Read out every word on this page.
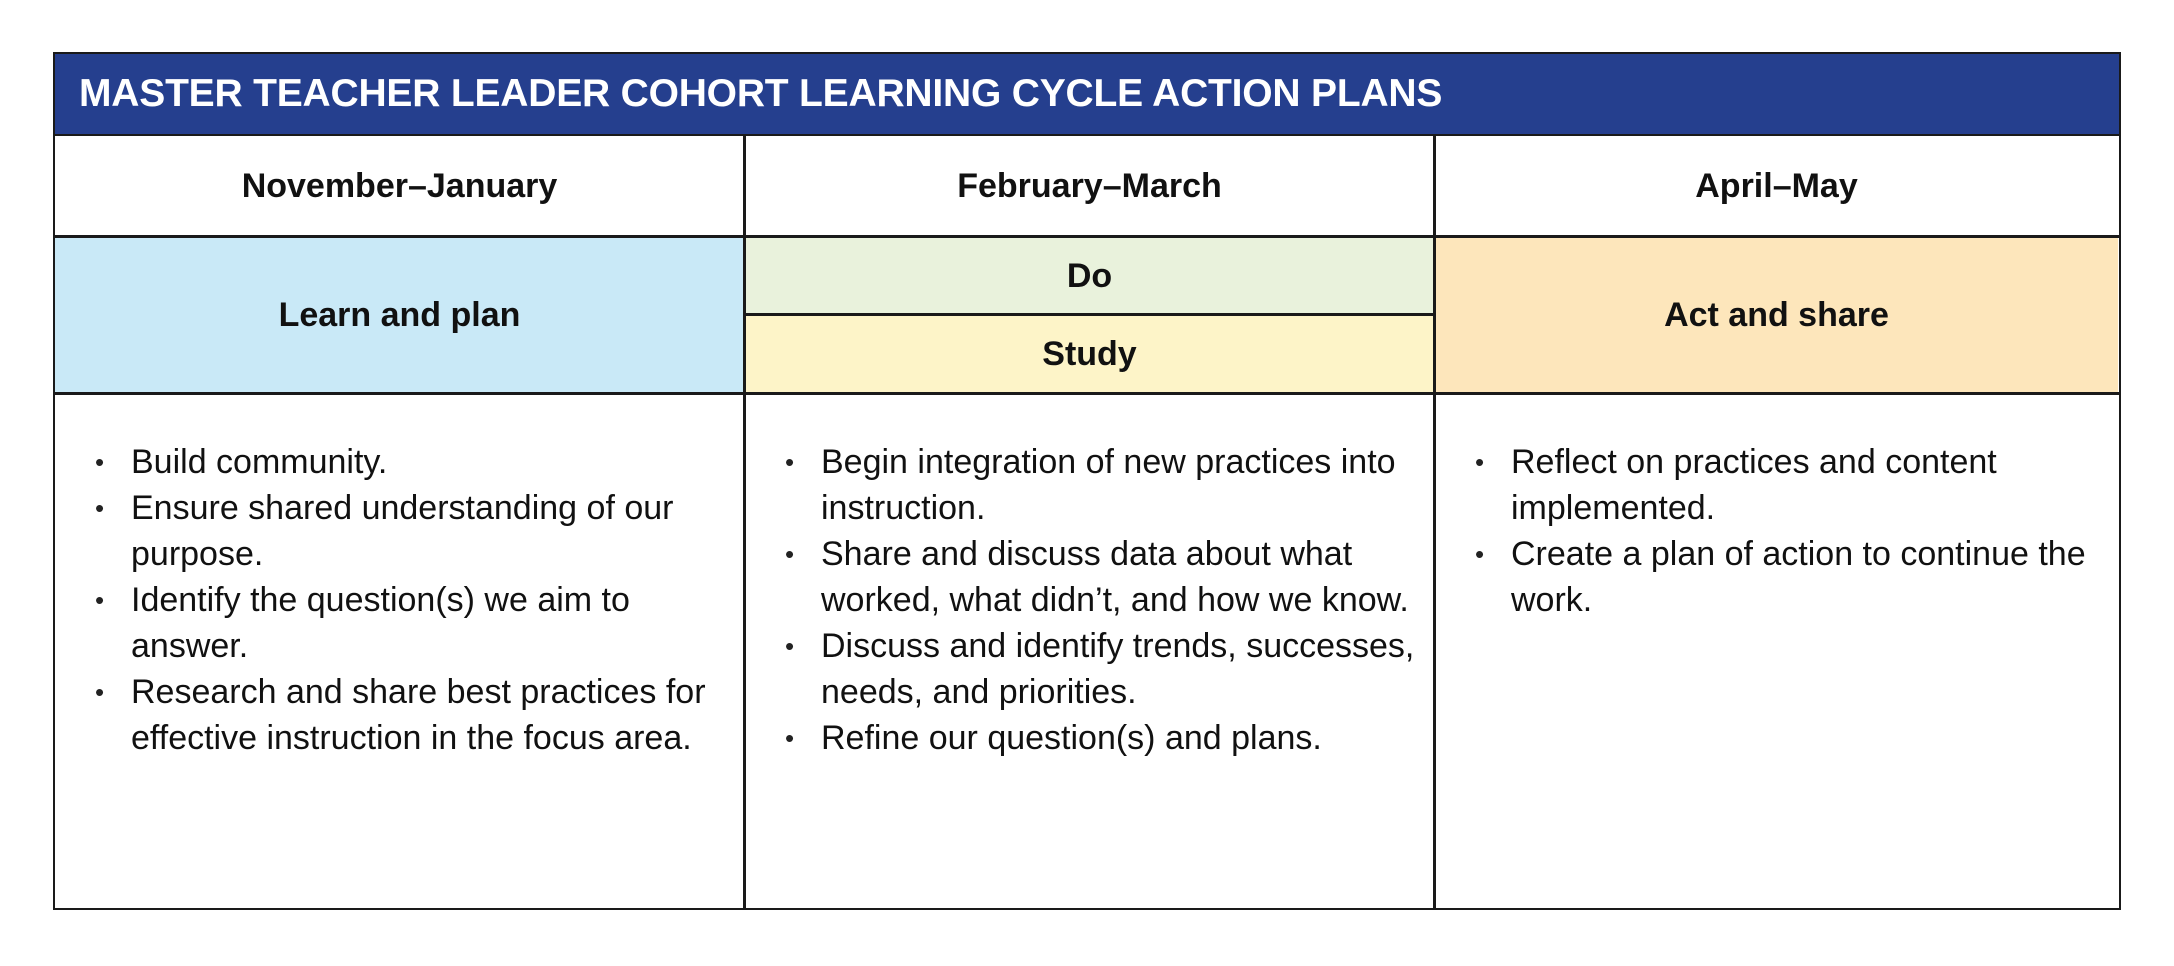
MASTER TEACHER LEADER COHORT LEARNING CYCLE ACTION PLANS
November–January	February–March	April–May
Learn and plan
Do
Study
Act and share
• Build community.
• Ensure shared understanding of our purpose.
• Identify the question(s) we aim to answer.
• Research and share best practices for effective instruction in the focus area.
• Begin integration of new practices into instruction.
• Share and discuss data about what worked, what didn’t, and how we know.
• Discuss and identify trends, successes, needs, and priorities.
• Refine our question(s) and plans.
• Reflect on practices and content implemented.
• Create a plan of action to continue the work.
